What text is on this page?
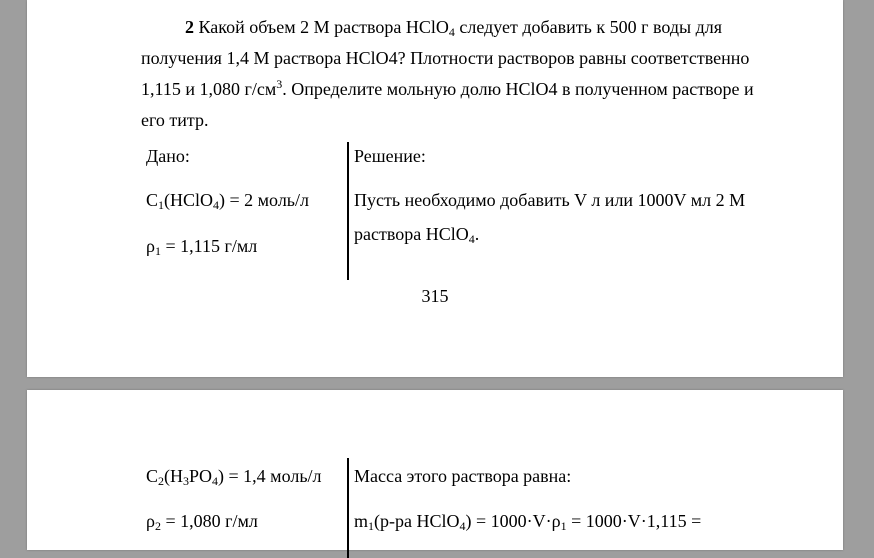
2 Какой объем 2 М раствора HClO$_4$ следует добавить к 500 г воды для
получения 1,4 М раствора HClO4? Плотности растворов равны соответственно
1,115 и 1,080 $г/см^3$. Определите мольную долю HClO4 в полученном растворе и
его титр.
Дано:
$C_1(HClO_4) = 2$ моль/л
$\rho_1 = 1,115$ г/мл
Решение:
Пусть необходимо добавить V л или 1000V мл 2 М
раствора HClO$_4$.
315
$C_2(H_3PO_4) = 1,4$ моль/л
$\rho_2 = 1,080$ г/мл
Масса этого раствора равна:
$m_1(р-ра$ HClO$_4$) = $1000\cdot V\cdot\rho_1 = 1000\cdot V\cdot 1,115$ =
